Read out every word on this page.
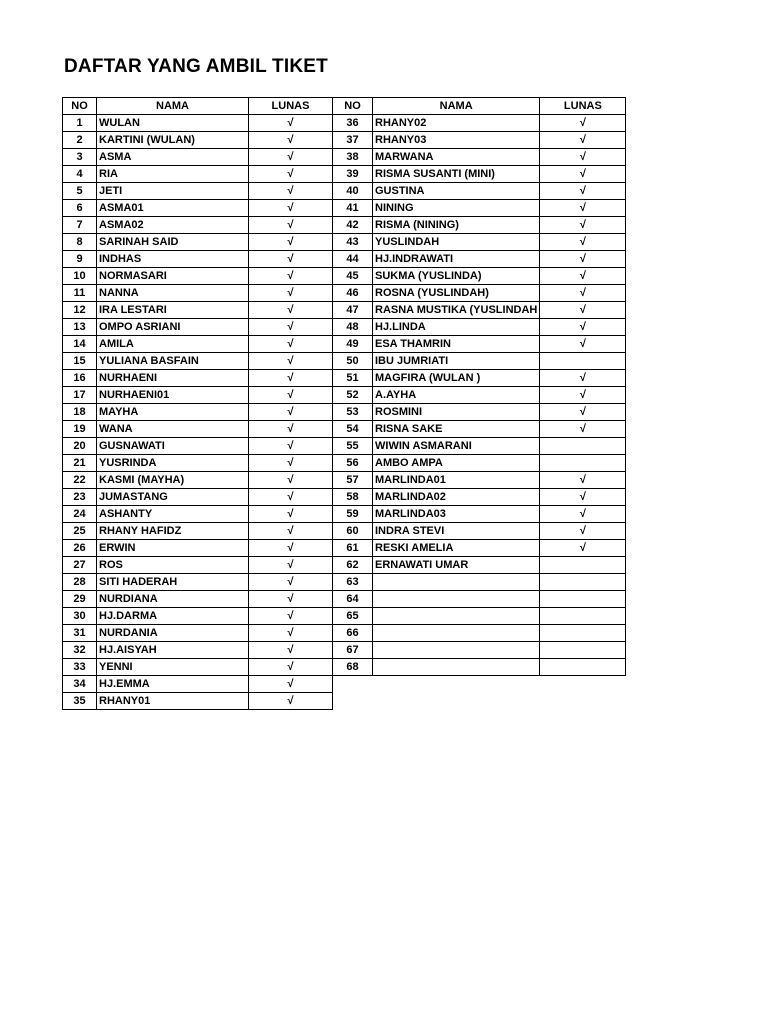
DAFTAR YANG AMBIL TIKET
NO	NAMA	LUNAS
1	WULAN	√
2	KARTINI (WULAN)	√
3	ASMA	√
4	RIA	√
5	JETI	√
6	ASMA01	√
7	ASMA02	√
8	SARINAH SAID	√
9	INDHAS	√
10	NORMASARI	√
11	NANNA	√
12	IRA LESTARI	√
13	OMPO ASRIANI	√
14	AMILA	√
15	YULIANA BASFAIN	√
16	NURHAENI	√
17	NURHAENI01	√
18	MAYHA	√
19	WANA	√
20	GUSNAWATI	√
21	YUSRINDA	√
22	KASMI (MAYHA)	√
23	JUMASTANG	√
24	ASHANTY	√
25	RHANY HAFIDZ	√
26	ERWIN	√
27	ROS	√
28	SITI HADERAH	√
29	NURDIANA	√
30	HJ.DARMA	√
31	NURDANIA	√
32	HJ.AISYAH	√
33	YENNI	√
34	HJ.EMMA	√
35	RHANY01	√
NO	NAMA	LUNAS
36	RHANY02	√
37	RHANY03	√
38	MARWANA	√
39	RISMA SUSANTI (MINI)	√
40	GUSTINA	√
41	NINING	√
42	RISMA (NINING)	√
43	YUSLINDAH	√
44	HJ.INDRAWATI	√
45	SUKMA (YUSLINDA)	√
46	ROSNA (YUSLINDAH)	√
47	RASNA MUSTIKA (YUSLINDAH	√
48	HJ.LINDA	√
49	ESA THAMRIN	√
50	IBU JUMRIATI	
51	MAGFIRA (WULAN )	√
52	A.AYHA	√
53	ROSMINI	√
54	RISNA SAKE	√
55	WIWIN ASMARANI	
56	AMBO AMPA	
57	MARLINDA01	√
58	MARLINDA02	√
59	MARLINDA03	√
60	INDRA STEVI	√
61	RESKI AMELIA	√
62	ERNAWATI UMAR	
63		
64		
65		
66		
67		
68		
